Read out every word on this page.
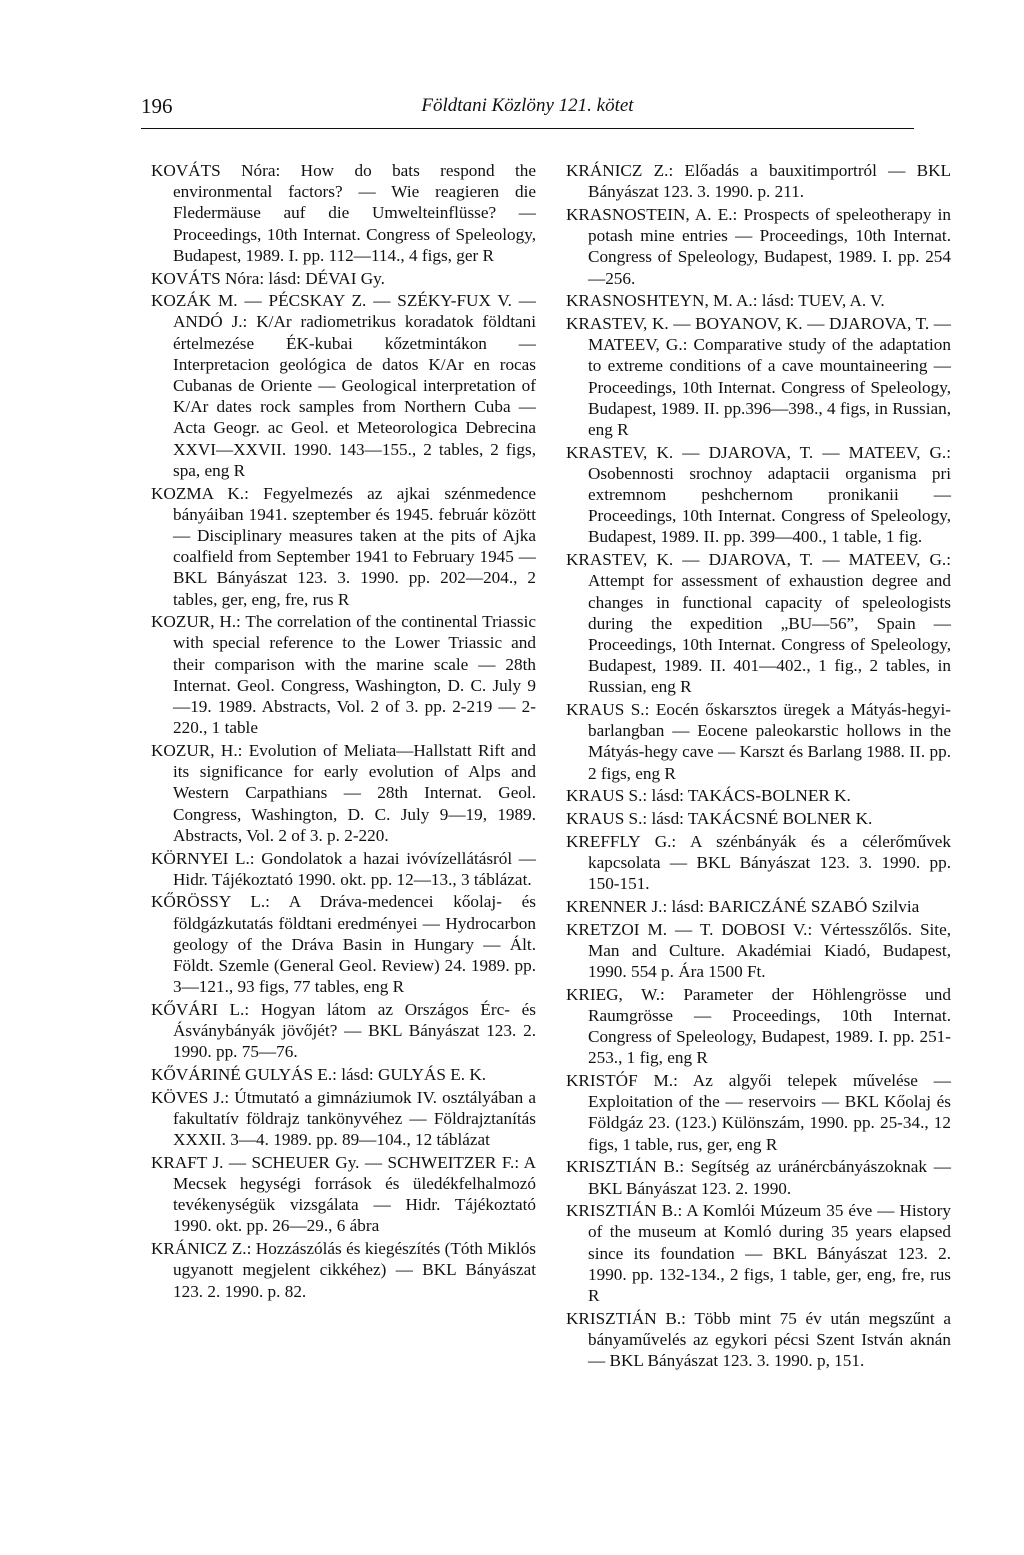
196	Földtani Közlöny 121. kötet

KOVÁTS Nóra: How do bats respond the environmental factors? — Wie reagieren die Fledermäuse auf die Umwelteinflüsse? — Proceedings, 10th Internat. Congress of Speleology, Budapest, 1989. I. pp. 112—114., 4 figs, ger R

KOVÁTS Nóra: lásd: DÉVAI Gy.

KOZÁK M. — PÉCSKAY Z. — SZÉKY-FUX V. — ANDÓ J.: K/Ar radiometrikus koradatok földtani értelmezése ÉK-kubai kőzetmintákon — Interpretacion geológica de datos K/Ar en rocas Cubanas de Oriente — Geological interpretation of K/Ar dates rock samples from Northern Cuba — Acta Geogr. ac Geol. et Meteorologica Debrecina XXVI—XXVII. 1990. 143—155., 2 tables, 2 figs, spa, eng R

KOZMA K.: Fegyelmezés az ajkai szénmedence bányáiban 1941. szeptember és 1945. február között — Disciplinary measures taken at the pits of Ajka coalfield from September 1941 to February 1945 — BKL Bányászat 123. 3. 1990. pp. 202—204., 2 tables, ger, eng, fre, rus R

KOZUR, H.: The correlation of the continental Triassic with special reference to the Lower Triassic and their comparison with the marine scale — 28th Internat. Geol. Congress, Washington, D. C. July 9—19. 1989. Abstracts, Vol. 2 of 3. pp. 2-219 — 2-220., 1 table

KOZUR, H.: Evolution of Meliata—Hallstatt Rift and its significance for early evolution of Alps and Western Carpathians — 28th Internat. Geol. Congress, Washington, D. C. July 9—19, 1989. Abstracts, Vol. 2 of 3. p. 2-220.

KÖRNYEI L.: Gondolatok a hazai ivóvízellátásról — Hidr. Tájékoztató 1990. okt. pp. 12—13., 3 táblázat.

KŐRÖSSY L.: A Dráva-medencei kőolaj- és földgázkutatás földtani eredményei — Hydrocarbon geology of the Dráva Basin in Hungary — Ált. Földt. Szemle (General Geol. Review) 24. 1989. pp. 3—121., 93 figs, 77 tables, eng R

KŐVÁRI L.: Hogyan látom az Országos Érc- és Ásványbányák jövőjét? — BKL Bányászat 123. 2. 1990. pp. 75—76.

KŐVÁRINÉ GULYÁS E.: lásd: GULYÁS E. K.

KÖVES J.: Útmutató a gimnáziumok IV. osztályában a fakultatív földrajz tankönyvéhez — Földrajztanítás XXXII. 3—4. 1989. pp. 89—104., 12 táblázat

KRAFT J. — SCHEUER Gy. — SCHWEITZER F.: A Mecsek hegységi források és üledékfelhalmozó tevékenységük vizsgálata — Hidr. Tájékoztató 1990. okt. pp. 26—29., 6 ábra

KRÁNICZ Z.: Hozzászólás és kiegészítés (Tóth Miklós ugyanott megjelent cikkéhez) — BKL Bányászat 123. 2. 1990. p. 82.

KRÁNICZ Z.: Előadás a bauxitimportról — BKL Bányászat 123. 3. 1990. p. 211.

KRASNOSTEIN, A. E.: Prospects of speleotherapy in potash mine entries — Proceedings, 10th Internat. Congress of Speleology, Budapest, 1989. I. pp. 254—256.

KRASNOSHTEYN, M. A.: lásd: TUEV, A. V.

KRASTEV, K. — BOYANOV, K. — DJAROVA, T. — MATEEV, G.: Comparative study of the adaptation to extreme conditions of a cave mountaineering — Proceedings, 10th Internat. Congress of Speleology, Budapest, 1989. II. pp.396—398., 4 figs, in Russian, eng R

KRASTEV, K. — DJAROVA, T. — MATEEV, G.: Osobennosti srochnoy adaptacii organisma pri extremnom peshchernom pronikanii — Proceedings, 10th Internat. Congress of Speleology, Budapest, 1989. II. pp. 399—400., 1 table, 1 fig.

KRASTEV, K. — DJAROVA, T. — MATEEV, G.: Attempt for assessment of exhaustion degree and changes in functional capacity of speleologists during the expedition „BU—56”, Spain — Proceedings, 10th Internat. Congress of Speleology, Budapest, 1989. II. 401—402., 1 fig., 2 tables, in Russian, eng R

KRAUS S.: Eocén őskarsztos üregek a Mátyás-hegyi-barlangban — Eocene paleokarstic hollows in the Mátyás-hegy cave — Karszt és Barlang 1988. II. pp. 2 figs, eng R

KRAUS S.: lásd: TAKÁCS-BOLNER K.

KRAUS S.: lásd: TAKÁCSNÉ BOLNER K.

KREFFLY G.: A szénbányák és a célerőművek kapcsolata — BKL Bányászat 123. 3. 1990. pp. 150-151.

KRENNER J.: lásd: BARICZÁNÉ SZABÓ Szilvia

KRETZOI M. — T. DOBOSI V.: Vértesszőlős. Site, Man and Culture. Akadémiai Kiadó, Budapest, 1990. 554 p. Ára 1500 Ft.

KRIEG, W.: Parameter der Höhlengrösse und Raumgrösse — Proceedings, 10th Internat. Congress of Speleology, Budapest, 1989. I. pp. 251-253., 1 fig, eng R

KRISTÓF M.: Az algyői telepek művelése — Exploitation of the — reservoirs — BKL Kőolaj és Földgáz 23. (123.) Különszám, 1990. pp. 25-34., 12 figs, 1 table, rus, ger, eng R

KRISZTIÁN B.: Segítség az uránércbányászoknak — BKL Bányászat 123. 2. 1990.

KRISZTIÁN B.: A Komlói Múzeum 35 éve — History of the museum at Komló during 35 years elapsed since its foundation — BKL Bányászat 123. 2. 1990. pp. 132-134., 2 figs, 1 table, ger, eng, fre, rus R

KRISZTIÁN B.: Több mint 75 év után megszűnt a bányaművelés az egykori pécsi Szent István aknán — BKL Bányászat 123. 3. 1990. p, 151.
